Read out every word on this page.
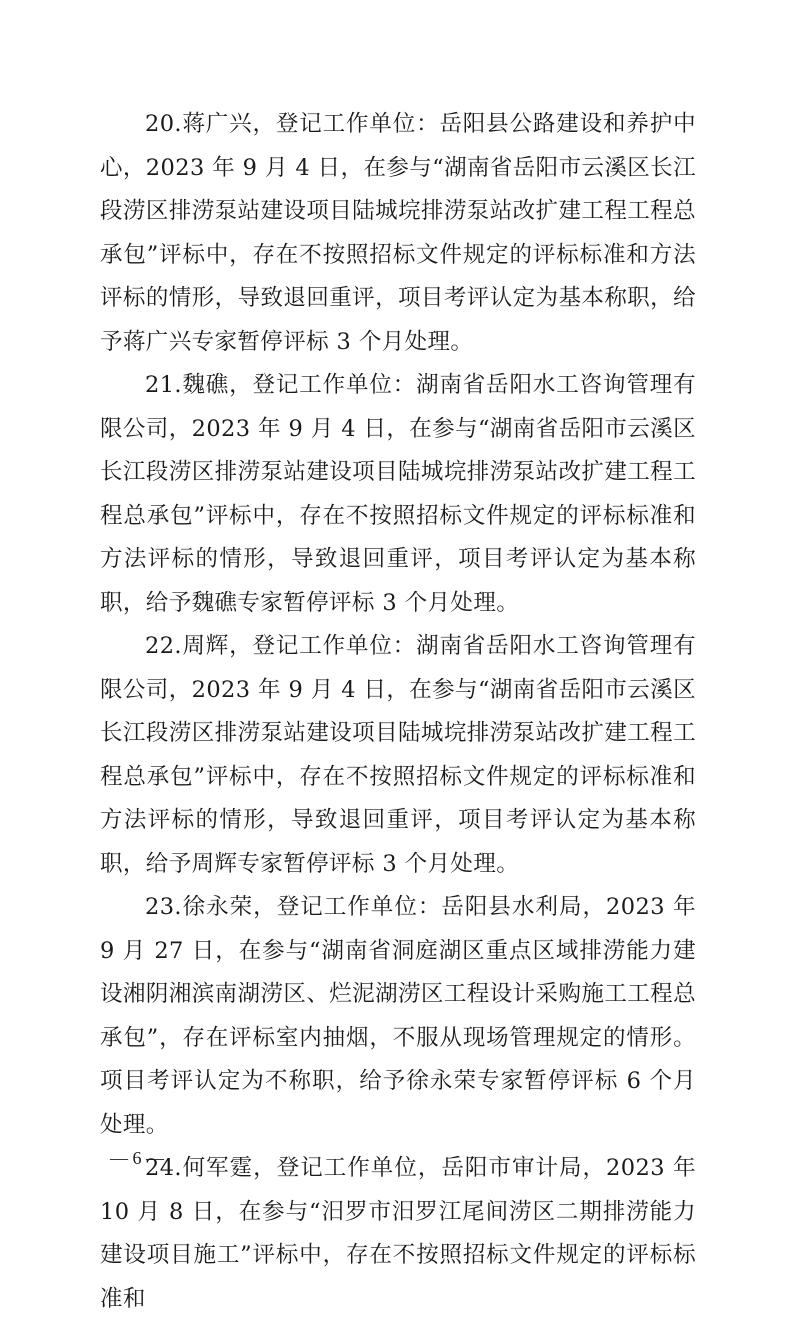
20.蒋广兴，登记工作单位：岳阳县公路建设和养护中心，2023 年 9 月 4 日，在参与“湖南省岳阳市云溪区长江段涝区排涝泵站建设项目陆城垸排涝泵站改扩建工程工程总承包”评标中，存在不按照招标文件规定的评标标准和方法评标的情形，导致退回重评，项目考评认定为基本称职，给予蒋广兴专家暂停评标 3 个月处理。

21.魏礁，登记工作单位：湖南省岳阳水工咨询管理有限公司，2023 年 9 月 4 日，在参与“湖南省岳阳市云溪区长江段涝区排涝泵站建设项目陆城垸排涝泵站改扩建工程工程总承包”评标中，存在不按照招标文件规定的评标标准和方法评标的情形，导致退回重评，项目考评认定为基本称职，给予魏礁专家暂停评标 3 个月处理。

22.周辉，登记工作单位：湖南省岳阳水工咨询管理有限公司，2023 年 9 月 4 日，在参与“湖南省岳阳市云溪区长江段涝区排涝泵站建设项目陆城垸排涝泵站改扩建工程工程总承包”评标中，存在不按照招标文件规定的评标标准和方法评标的情形，导致退回重评，项目考评认定为基本称职，给予周辉专家暂停评标 3 个月处理。

23.徐永荣，登记工作单位：岳阳县水利局，2023 年 9 月 27 日，在参与“湖南省洞庭湖区重点区域排涝能力建设湘阴湘滨南湖涝区、烂泥湖涝区工程设计采购施工工程总承包”，存在评标室内抽烟，不服从现场管理规定的情形。项目考评认定为不称职，给予徐永荣专家暂停评标 6 个月处理。

24.何军霆，登记工作单位，岳阳市审计局，2023 年 10 月 8 日，在参与“汨罗市汨罗江尾间涝区二期排涝能力建设项目施工”评标中，存在不按照招标文件规定的评标标准和

— 6 —
